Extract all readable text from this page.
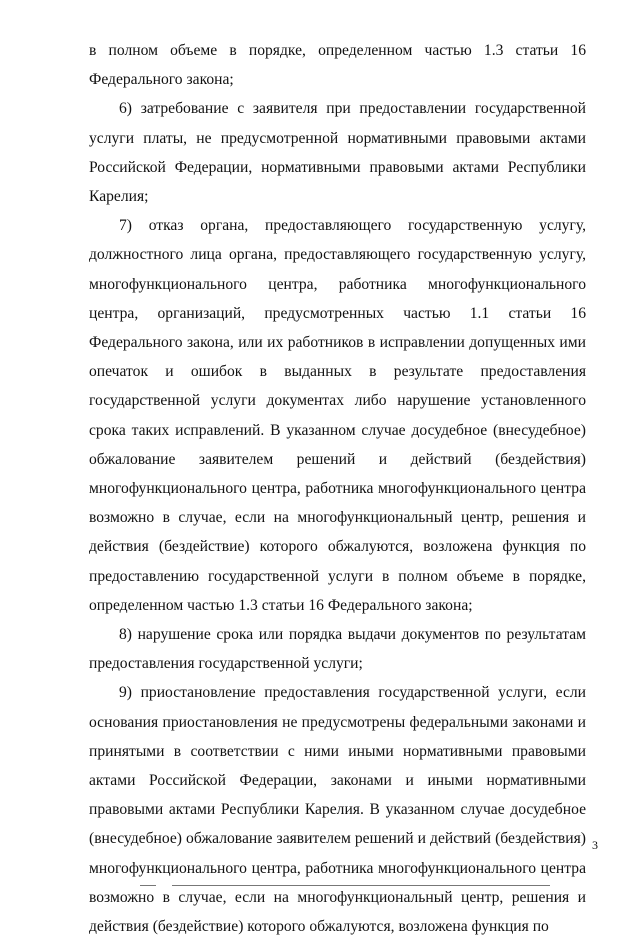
в полном объеме в порядке, определенном частью 1.3 статьи 16 Федерального закона;

6) затребование с заявителя при предоставлении государственной услуги платы, не предусмотренной нормативными правовыми актами Российской Федерации, нормативными правовыми актами Республики Карелия;

7) отказ органа, предоставляющего государственную услугу, должностного лица органа, предоставляющего государственную услугу, многофункционального центра, работника многофункционального центра, организаций, предусмотренных частью 1.1 статьи 16 Федерального закона, или их работников в исправлении допущенных ими опечаток и ошибок в выданных в результате предоставления государственной услуги документах либо нарушение установленного срока таких исправлений. В указанном случае досудебное (внесудебное) обжалование заявителем решений и действий (бездействия) многофункционального центра, работника многофункционального центра возможно в случае, если на многофункциональный центр, решения и действия (бездействие) которого обжалуются, возложена функция по предоставлению государственной услуги в полном объеме в порядке, определенном частью 1.3 статьи 16 Федерального закона;

8) нарушение срока или порядка выдачи документов по результатам предоставления государственной услуги;

9) приостановление предоставления государственной услуги, если основания приостановления не предусмотрены федеральными законами и принятыми в соответствии с ними иными нормативными правовыми актами Российской Федерации, законами и иными нормативными правовыми актами Республики Карелия. В указанном случае досудебное (внесудебное) обжалование заявителем решений и действий (бездействия) многофункционального центра, работника многофункционального центра возможно в случае, если на многофункциональный центр, решения и действия (бездействие) которого обжалуются, возложена функция по

3
